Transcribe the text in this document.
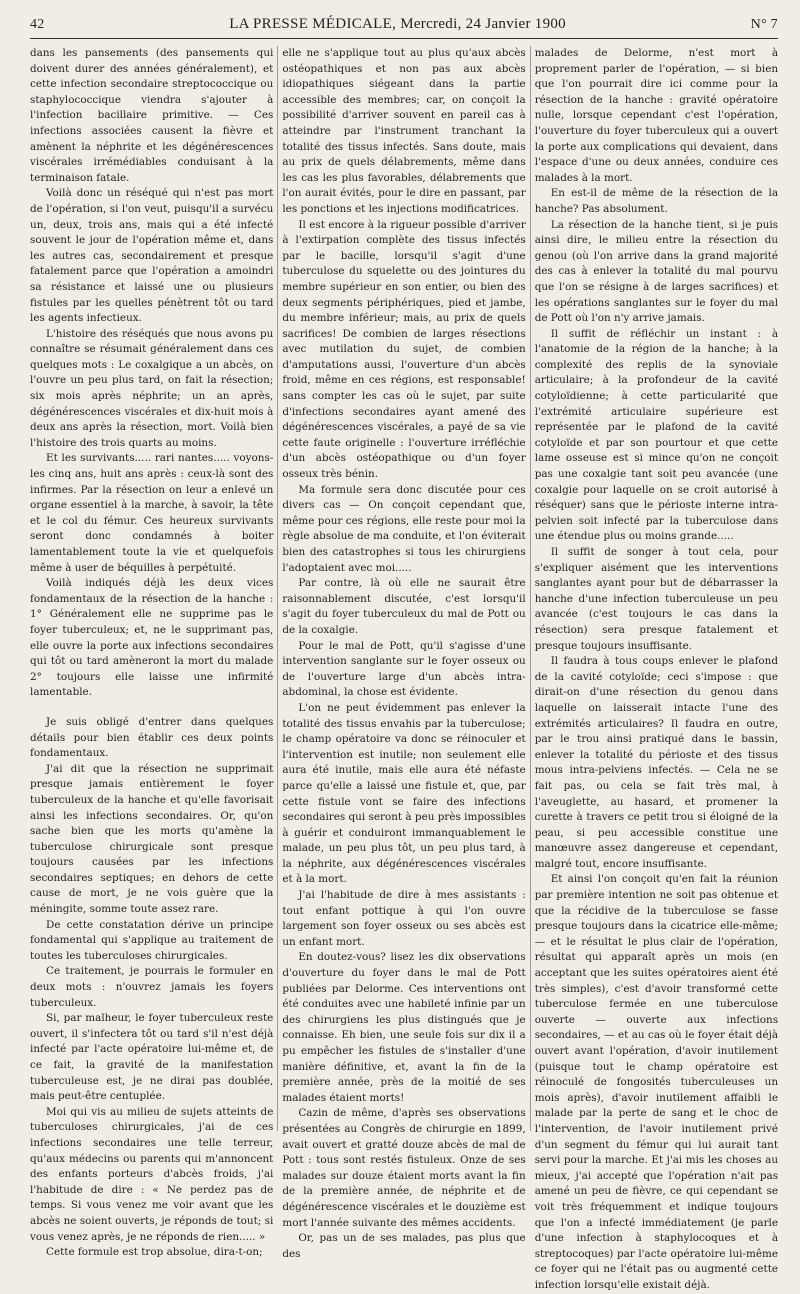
42	LA PRESSE MÉDICALE, Mercredi, 24 Janvier 1900	N° 7

dans les pansements (des pansements qui doivent durer des années généralement), et cette infection secondaire streptococcique ou staphylococcique viendra s'ajouter à l'infection bacillaire primitive. — Ces infections associées causent la fièvre et amènent la néphrite et les dégénérescences viscérales irrémédiables conduisant à la terminaison fatale.

Voilà donc un réséqué qui n'est pas mort de l'opération, si l'on veut, puisqu'il a survécu un, deux, trois ans, mais qui a été infecté souvent le jour de l'opération même et, dans les autres cas, secondairement et presque fatalement parce que l'opération a amoindri sa résistance et laissé une ou plusieurs fistules par les quelles pénètrent tôt ou tard les agents infectieux.

L'histoire des réséqués que nous avons pu connaître se résumait généralement dans ces quelques mots : Le coxalgique a un abcès, on l'ouvre un peu plus tard, on fait la résection; six mois après néphrite; un an après, dégénérescences viscérales et dix-huit mois à deux ans après la résection, mort. Voilà bien l'histoire des trois quarts au moins.

Et les survivants..... rari nantes..... voyons-les cinq ans, huit ans après : ceux-là sont des infirmes. Par la résection on leur a enlevé un organe essentiel à la marche, à savoir, la tête et le col du fémur. Ces heureux survivants seront donc condamnés à boiter lamentablement toute la vie et quelquefois même à user de béquilles à perpétuité.

Voilà indiqués déjà les deux vices fondamentaux de la résection de la hanche : 1° Généralement elle ne supprime pas le foyer tuberculeux; et, ne le supprimant pas, elle ouvre la porte aux infections secondaires qui tôt ou tard amèneront la mort du malade 2° toujours elle laisse une infirmité lamentable.

Je suis obligé d'entrer dans quelques détails pour bien établir ces deux points fondamentaux.

J'ai dit que la résection ne supprimait presque jamais entièrement le foyer tuberculeux de la hanche et qu'elle favorisait ainsi les infections secondaires. Or, qu'on sache bien que les morts qu'amène la tuberculose chirurgicale sont presque toujours causées par les infections secondaires septiques; en dehors de cette cause de mort, je ne vois guère que la méningite, somme toute assez rare.

De cette constatation dérive un principe fondamental qui s'applique au traitement de toutes les tuberculoses chirurgicales.

Ce traitement, je pourrais le formuler en deux mots : n'ouvrez jamais les foyers tuberculeux.

Si, par malheur, le foyer tuberculeux reste ouvert, il s'infectera tôt ou tard s'il n'est déjà infecté par l'acte opératoire lui-même et, de ce fait, la gravité de la manifestation tuberculeuse est, je ne dirai pas doublée, mais peut-être centuplée.

Moi qui vis au milieu de sujets atteints de tuberculoses chirurgicales, j'ai de ces infections secondaires une telle terreur, qu'aux médecins ou parents qui m'annoncent des enfants porteurs d'abcès froids, j'ai l'habitude de dire : « Ne perdez pas de temps. Si vous venez me voir avant que les abcès ne soient ouverts, je réponds de tout; si vous venez après, je ne réponds de rien..... »

Cette formule est trop absolue, dira-t-on;

elle ne s'applique tout au plus qu'aux abcès ostéopathiques et non pas aux abcès idiopathiques siégeant dans la partie accessible des membres; car, on conçoit la possibilité d'arriver souvent en pareil cas à atteindre par l'instrument tranchant la totalité des tissus infectés. Sans doute, mais au prix de quels délabrements, même dans les cas les plus favorables, délabrements que l'on aurait évités, pour le dire en passant, par les ponctions et les injections modificatrices.

Il est encore à la rigueur possible d'arriver à l'extirpation complète des tissus infectés par le bacille, lorsqu'il s'agit d'une tuberculose du squelette ou des jointures du membre supérieur en son entier, ou bien des deux segments périphériques, pied et jambe, du membre inférieur; mais, au prix de quels sacrifices! De combien de larges résections avec mutilation du sujet, de combien d'amputations aussi, l'ouverture d'un abcès froid, même en ces régions, est responsable! sans compter les cas où le sujet, par suite d'infections secondaires ayant amené des dégénérescences viscérales, a payé de sa vie cette faute originelle : l'ouverture irréfléchie d'un abcès ostéopathique ou d'un foyer osseux très bénin.

Ma formule sera donc discutée pour ces divers cas — On conçoit cependant que, même pour ces régions, elle reste pour moi la règle absolue de ma conduite, et l'on éviterait bien des catastrophes si tous les chirurgiens l'adoptaient avec moi.....

Par contre, là où elle ne saurait être raisonnablement discutée, c'est lorsqu'il s'agit du foyer tuberculeux du mal de Pott ou de la coxalgie.

Pour le mal de Pott, qu'il s'agisse d'une intervention sanglante sur le foyer osseux ou de l'ouverture large d'un abcès intra-abdominal, la chose est évidente.

L'on ne peut évidemment pas enlever la totalité des tissus envahis par la tuberculose; le champ opératoire va donc se réinoculer et l'intervention est inutile; non seulement elle aura été inutile, mais elle aura été néfaste parce qu'elle a laissé une fistule et, que, par cette fistule vont se faire des infections secondaires qui seront à peu près impossibles à guérir et conduiront immanquablement le malade, un peu plus tôt, un peu plus tard, à la néphrite, aux dégénérescences viscérales et à la mort.

J'ai l'habitude de dire à mes assistants : tout enfant pottique à qui l'on ouvre largement son foyer osseux ou ses abcès est un enfant mort.

En doutez-vous? lisez les dix observations d'ouverture du foyer dans le mal de Pott publiées par Delorme. Ces interventions ont été conduites avec une habileté infinie par un des chirurgiens les plus distingués que je connaisse. Eh bien, une seule fois sur dix il a pu empêcher les fistules de s'installer d'une manière définitive, et, avant la fin de la première année, près de la moitié de ses malades étaient morts!

Cazin de même, d'après ses observations présentées au Congrès de chirurgie en 1899, avait ouvert et gratté douze abcès de mal de Pott : tous sont restés fistuleux. Onze de ses malades sur douze étaient morts avant la fin de la première année, de néphrite et de dégénérescence viscérales et le douzième est mort l'année suivante des mêmes accidents.

Or, pas un de ses malades, pas plus que des

malades de Delorme, n'est mort à proprement parler de l'opération, — si bien que l'on pourrait dire ici comme pour la résection de la hanche : gravité opératoire nulle, lorsque cependant c'est l'opération, l'ouverture du foyer tuberculeux qui a ouvert la porte aux complications qui devaient, dans l'espace d'une ou deux années, conduire ces malades à la mort.

En est-il de même de la résection de la hanche? Pas absolument.

La résection de la hanche tient, si je puis ainsi dire, le milieu entre la résection du genou (où l'on arrive dans la grand majorité des cas à enlever la totalité du mal pourvu que l'on se résigne à de larges sacrifices) et les opérations sanglantes sur le foyer du mal de Pott où l'on n'y arrive jamais.

Il suffit de réfléchir un instant : à l'anatomie de la région de la hanche; à la complexité des replis de la synoviale articulaire; à la profondeur de la cavité cotyloïdienne; à cette particularité que l'extrémité articulaire supérieure est représentée par le plafond de la cavité cotyloïde et par son pourtour et que cette lame osseuse est si mince qu'on ne conçoit pas une coxalgie tant soit peu avancée (une coxalgie pour laquelle on se croit autorisé à réséquer) sans que le périoste interne intra-pelvien soit infecté par la tuberculose dans une étendue plus ou moins grande.....

Il suffit de songer à tout cela, pour s'expliquer aisément que les interventions sanglantes ayant pour but de débarrasser la hanche d'une infection tuberculeuse un peu avancée (c'est toujours le cas dans la résection) sera presque fatalement et presque toujours insuffisante.

Il faudra à tous coups enlever le plafond de la cavité cotyloïde; ceci s'impose : que dirait-on d'une résection du genou dans laquelle on laisserait intacte l'une des extrémités articulaires? Il faudra en outre, par le trou ainsi pratiqué dans le bassin, enlever la totalité du périoste et des tissus mous intra-pelviens infectés. — Cela ne se fait pas, ou cela se fait très mal, à l'aveuglette, au hasard, et promener la curette à travers ce petit trou si éloigné de la peau, si peu accessible constitue une manœuvre assez dangereuse et cependant, malgré tout, encore insuffisante.

Et ainsi l'on conçoit qu'en fait la réunion par première intention ne soit pas obtenue et que la récidive de la tuberculose se fasse presque toujours dans la cicatrice elle-même; — et le résultat le plus clair de l'opération, résultat qui apparaît après un mois (en acceptant que les suites opératoires aient été très simples), c'est d'avoir transformé cette tuberculose fermée en une tuberculose ouverte — ouverte aux infections secondaires, — et au cas où le foyer était déjà ouvert avant l'opération, d'avoir inutilement (puisque tout le champ opératoire est réinoculé de fongosités tuberculeuses un mois après), d'avoir inutilement affaibli le malade par la perte de sang et le choc de l'intervention, de l'avoir inutilement privé d'un segment du fémur qui lui aurait tant servi pour la marche. Et j'ai mis les choses au mieux, j'ai accepté que l'opération n'ait pas amené un peu de fièvre, ce qui cependant se voit très fréquemment et indique toujours que l'on a infecté immédiatement (je parle d'une infection à staphylocoques et à streptocoques) par l'acte opératoire lui-même ce foyer qui ne l'était pas ou augmenté cette infection lorsqu'elle existait déjà.
